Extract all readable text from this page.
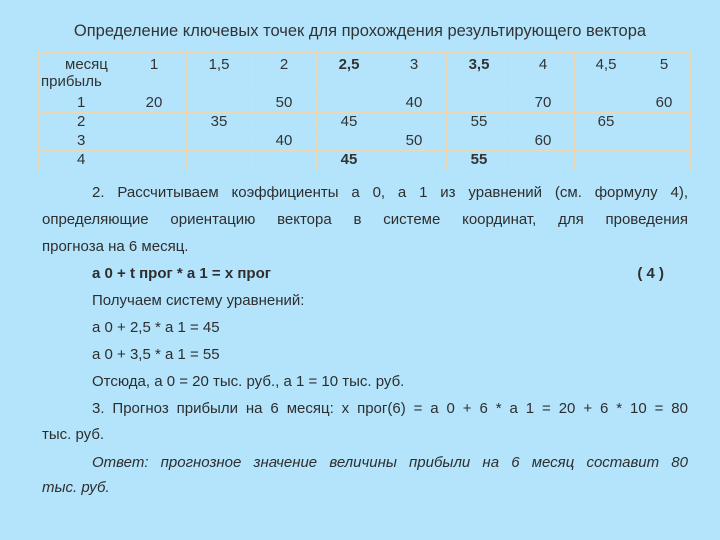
Определение ключевых точек для прохождения результирующего вектора
месяц
прибыль	1	1,5	2	2,5	3	3,5	4	4,5	5
1	20		50		40		70		60
2		35		45		55		65	
3			40		50		60		
4				45		55			
2. Рассчитываем коэффициенты а 0, а 1 из уравнений (см. формулу 4),
определяющие ориентацию вектора в системе координат, для проведения
прогноза на 6 месяц.
а 0 + t прог * а 1 = х прог	( 4 )
Получаем систему уравнений:
а 0 + 2,5 * а 1 = 45
а 0 + 3,5 * а 1 = 55
Отсюда, а 0 = 20 тыс. руб., а 1 = 10 тыс. руб.
3. Прогноз прибыли на 6 месяц: х прог(6) = а 0 + 6 * а 1 = 20 + 6 * 10 = 80
тыс. руб.
Ответ: прогнозное значение величины прибыли на 6 месяц составит 80
тыс. руб.
